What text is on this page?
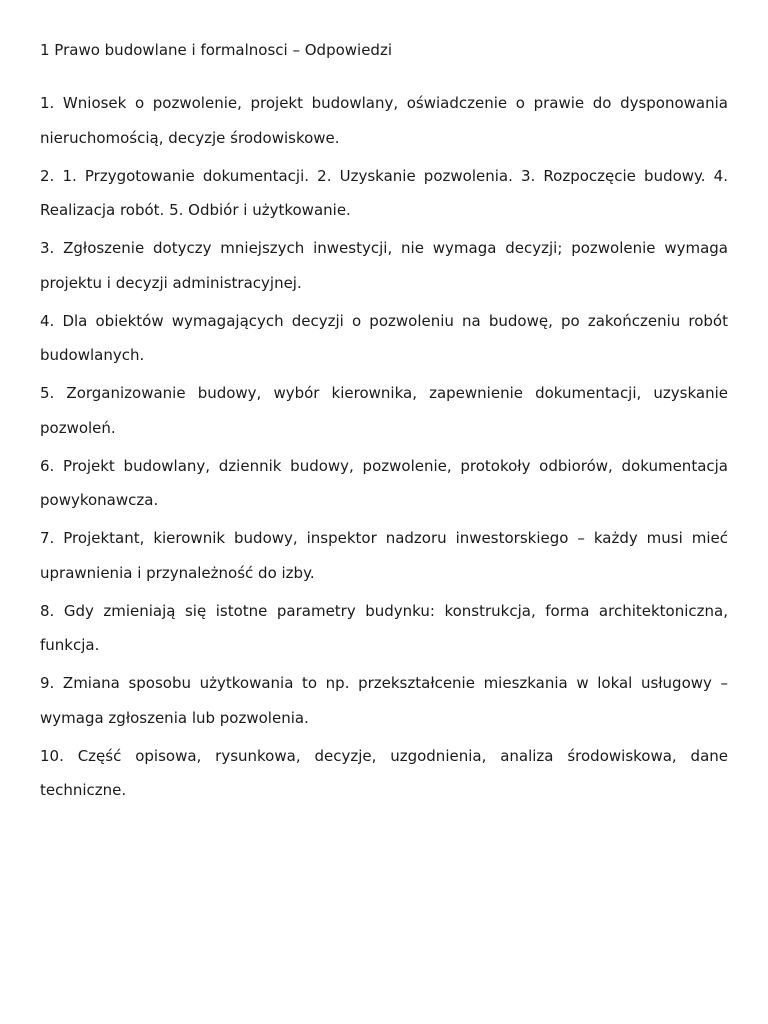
1 Prawo budowlane i formalnosci – Odpowiedzi
1. Wniosek o pozwolenie, projekt budowlany, oświadczenie o prawie do dysponowania nieruchomością, decyzje środowiskowe.
2. 1. Przygotowanie dokumentacji. 2. Uzyskanie pozwolenia. 3. Rozpoczęcie budowy. 4. Realizacja robót. 5. Odbiór i użytkowanie.
3. Zgłoszenie dotyczy mniejszych inwestycji, nie wymaga decyzji; pozwolenie wymaga projektu i decyzji administracyjnej.
4. Dla obiektów wymagających decyzji o pozwoleniu na budowę, po zakończeniu robót budowlanych.
5. Zorganizowanie budowy, wybór kierownika, zapewnienie dokumentacji, uzyskanie pozwoleń.
6. Projekt budowlany, dziennik budowy, pozwolenie, protokoły odbiorów, dokumentacja powykonawcza.
7. Projektant, kierownik budowy, inspektor nadzoru inwestorskiego – każdy musi mieć uprawnienia i przynależność do izby.
8. Gdy zmieniają się istotne parametry budynku: konstrukcja, forma architektoniczna, funkcja.
9. Zmiana sposobu użytkowania to np. przekształcenie mieszkania w lokal usługowy – wymaga zgłoszenia lub pozwolenia.
10. Część opisowa, rysunkowa, decyzje, uzgodnienia, analiza środowiskowa, dane techniczne.
